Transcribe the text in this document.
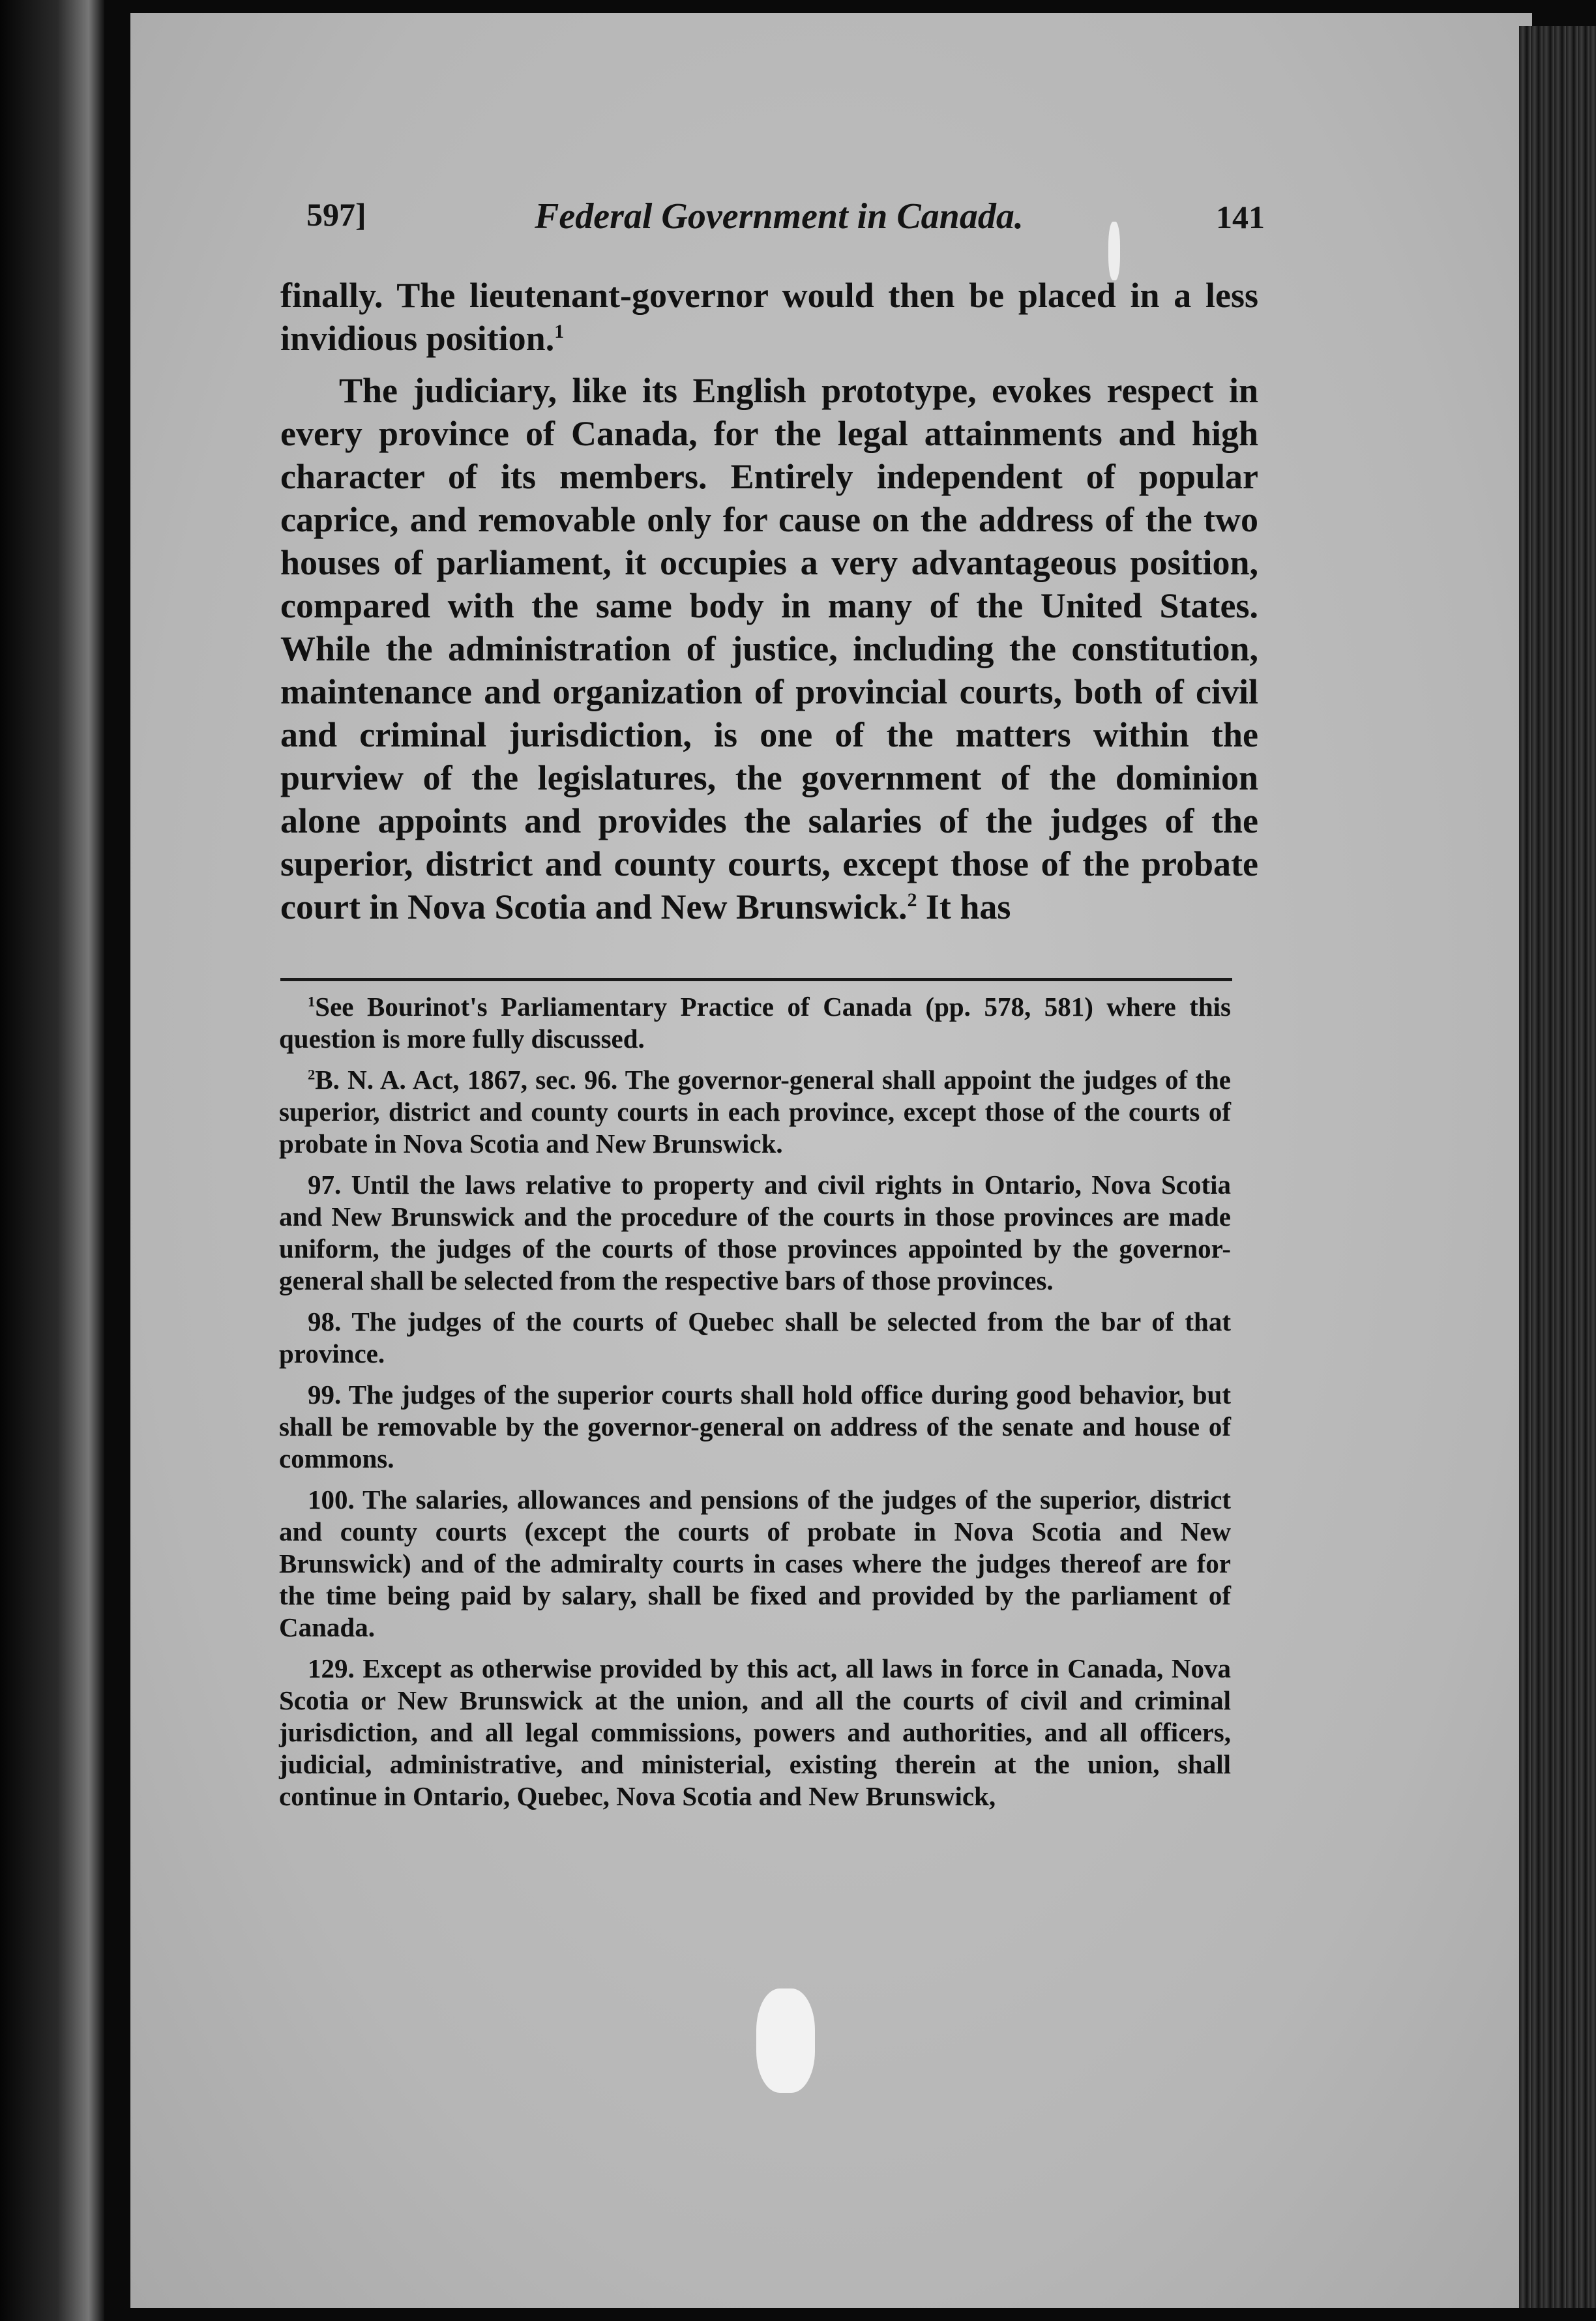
597]	Federal Government in Canada.	141

finally. The lieutenant-governor would then be placed in a less invidious position.$^1$

The judiciary, like its English prototype, evokes respect in every province of Canada, for the legal attainments and high character of its members. Entirely independent of popular caprice, and removable only for cause on the address of the two houses of parliament, it occupies a very advantageous position, compared with the same body in many of the United States. While the administration of justice, including the constitution, maintenance and organization of provincial courts, both of civil and criminal jurisdiction, is one of the matters within the purview of the legislatures, the government of the dominion alone appoints and provides the salaries of the judges of the superior, district and county courts, except those of the probate court in Nova Scotia and New Brunswick.$^2$ It has

$^1$See Bourinot's Parliamentary Practice of Canada (pp. 578, 581) where this question is more fully discussed.

$^2$B. N. A. Act, 1867, sec. 96. The governor-general shall appoint the judges of the superior, district and county courts in each province, except those of the courts of probate in Nova Scotia and New Brunswick.

97. Until the laws relative to property and civil rights in Ontario, Nova Scotia and New Brunswick and the procedure of the courts in those provinces are made uniform, the judges of the courts of those provinces appointed by the governor-general shall be selected from the respective bars of those provinces.

98. The judges of the courts of Quebec shall be selected from the bar of that province.

99. The judges of the superior courts shall hold office during good behavior, but shall be removable by the governor-general on address of the senate and house of commons.

100. The salaries, allowances and pensions of the judges of the superior, district and county courts (except the courts of probate in Nova Scotia and New Brunswick) and of the admiralty courts in cases where the judges thereof are for the time being paid by salary, shall be fixed and provided by the parliament of Canada.

129. Except as otherwise provided by this act, all laws in force in Canada, Nova Scotia or New Brunswick at the union, and all the courts of civil and criminal jurisdiction, and all legal commissions, powers and authorities, and all officers, judicial, administrative, and ministerial, existing therein at the union, shall continue in Ontario, Quebec, Nova Scotia and New Brunswick,
